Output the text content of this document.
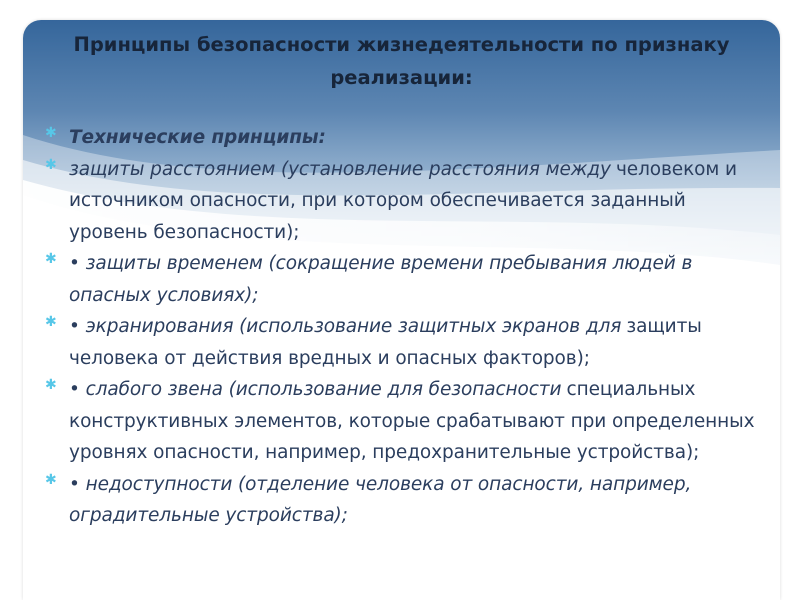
Принципы безопасности жизнедеятельности по признаку
реализации:
✱ Технические принципы:
✱ защиты расстоянием (установление расстояния между человеком и источником опасности, при котором обеспечивается заданный уровень безопасности);
✱ • защиты временем (сокращение времени пребывания людей в опасных условиях);
✱ • экранирования (использование защитных экранов для защиты человека от действия вредных и опасных факторов);
✱ • слабого звена (использование для безопасности специальных конструктивных элементов, которые срабатывают при определенных уровнях опасности, например, предохранительные устройства);
✱ • недоступности (отделение человека от опасности, например, оградительные устройства);
